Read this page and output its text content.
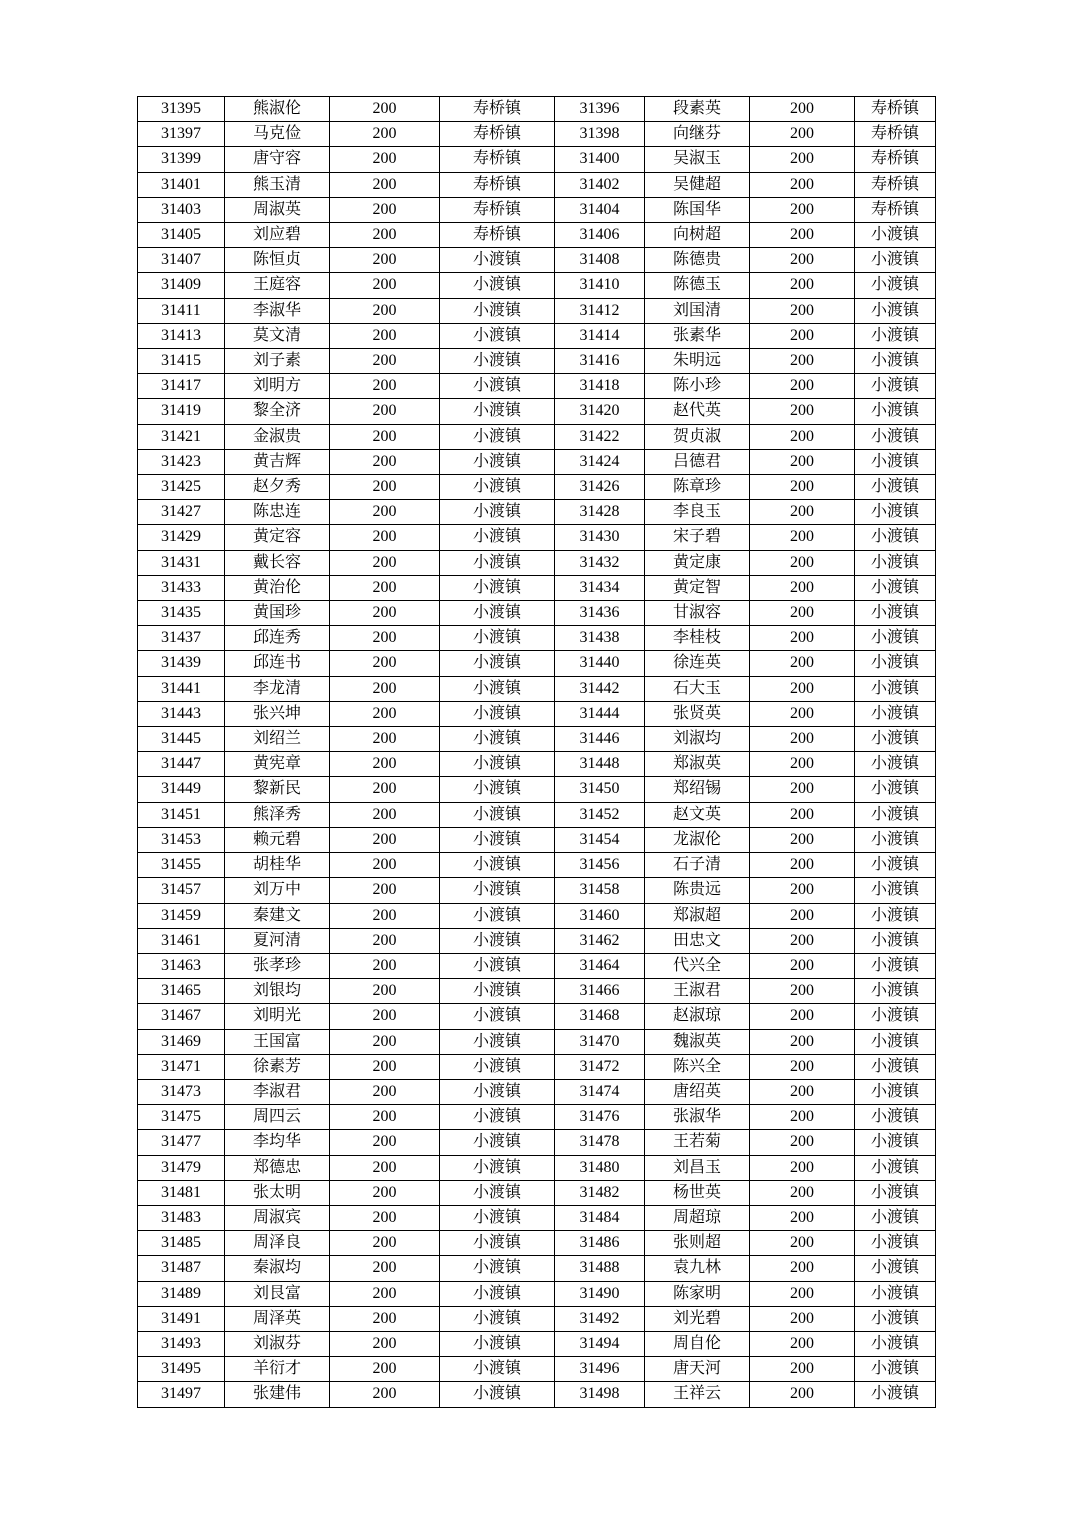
31395	熊淑伦	200	寿桥镇	31396	段素英	200	寿桥镇
31397	马克俭	200	寿桥镇	31398	向继芬	200	寿桥镇
31399	唐守容	200	寿桥镇	31400	吴淑玉	200	寿桥镇
31401	熊玉清	200	寿桥镇	31402	吴健超	200	寿桥镇
31403	周淑英	200	寿桥镇	31404	陈国华	200	寿桥镇
31405	刘应碧	200	寿桥镇	31406	向树超	200	小渡镇
31407	陈恒贞	200	小渡镇	31408	陈德贵	200	小渡镇
31409	王庭容	200	小渡镇	31410	陈德玉	200	小渡镇
31411	李淑华	200	小渡镇	31412	刘国清	200	小渡镇
31413	莫文清	200	小渡镇	31414	张素华	200	小渡镇
31415	刘子素	200	小渡镇	31416	朱明远	200	小渡镇
31417	刘明方	200	小渡镇	31418	陈小珍	200	小渡镇
31419	黎全济	200	小渡镇	31420	赵代英	200	小渡镇
31421	金淑贵	200	小渡镇	31422	贺贞淑	200	小渡镇
31423	黄吉辉	200	小渡镇	31424	吕德君	200	小渡镇
31425	赵夕秀	200	小渡镇	31426	陈章珍	200	小渡镇
31427	陈忠连	200	小渡镇	31428	李良玉	200	小渡镇
31429	黄定容	200	小渡镇	31430	宋子碧	200	小渡镇
31431	戴长容	200	小渡镇	31432	黄定康	200	小渡镇
31433	黄治伦	200	小渡镇	31434	黄定智	200	小渡镇
31435	黄国珍	200	小渡镇	31436	甘淑容	200	小渡镇
31437	邱连秀	200	小渡镇	31438	李桂枝	200	小渡镇
31439	邱连书	200	小渡镇	31440	徐连英	200	小渡镇
31441	李龙清	200	小渡镇	31442	石大玉	200	小渡镇
31443	张兴坤	200	小渡镇	31444	张贤英	200	小渡镇
31445	刘绍兰	200	小渡镇	31446	刘淑均	200	小渡镇
31447	黄宪章	200	小渡镇	31448	郑淑英	200	小渡镇
31449	黎新民	200	小渡镇	31450	郑绍锡	200	小渡镇
31451	熊泽秀	200	小渡镇	31452	赵文英	200	小渡镇
31453	赖元碧	200	小渡镇	31454	龙淑伦	200	小渡镇
31455	胡桂华	200	小渡镇	31456	石子清	200	小渡镇
31457	刘万中	200	小渡镇	31458	陈贵远	200	小渡镇
31459	秦建文	200	小渡镇	31460	郑淑超	200	小渡镇
31461	夏河清	200	小渡镇	31462	田忠文	200	小渡镇
31463	张孝珍	200	小渡镇	31464	代兴全	200	小渡镇
31465	刘银均	200	小渡镇	31466	王淑君	200	小渡镇
31467	刘明光	200	小渡镇	31468	赵淑琼	200	小渡镇
31469	王国富	200	小渡镇	31470	魏淑英	200	小渡镇
31471	徐素芳	200	小渡镇	31472	陈兴全	200	小渡镇
31473	李淑君	200	小渡镇	31474	唐绍英	200	小渡镇
31475	周四云	200	小渡镇	31476	张淑华	200	小渡镇
31477	李均华	200	小渡镇	31478	王若菊	200	小渡镇
31479	郑德忠	200	小渡镇	31480	刘昌玉	200	小渡镇
31481	张太明	200	小渡镇	31482	杨世英	200	小渡镇
31483	周淑宾	200	小渡镇	31484	周超琼	200	小渡镇
31485	周泽良	200	小渡镇	31486	张则超	200	小渡镇
31487	秦淑均	200	小渡镇	31488	袁九林	200	小渡镇
31489	刘艮富	200	小渡镇	31490	陈家明	200	小渡镇
31491	周泽英	200	小渡镇	31492	刘光碧	200	小渡镇
31493	刘淑芬	200	小渡镇	31494	周自伦	200	小渡镇
31495	羊衍才	200	小渡镇	31496	唐天河	200	小渡镇
31497	张建伟	200	小渡镇	31498	王祥云	200	小渡镇
